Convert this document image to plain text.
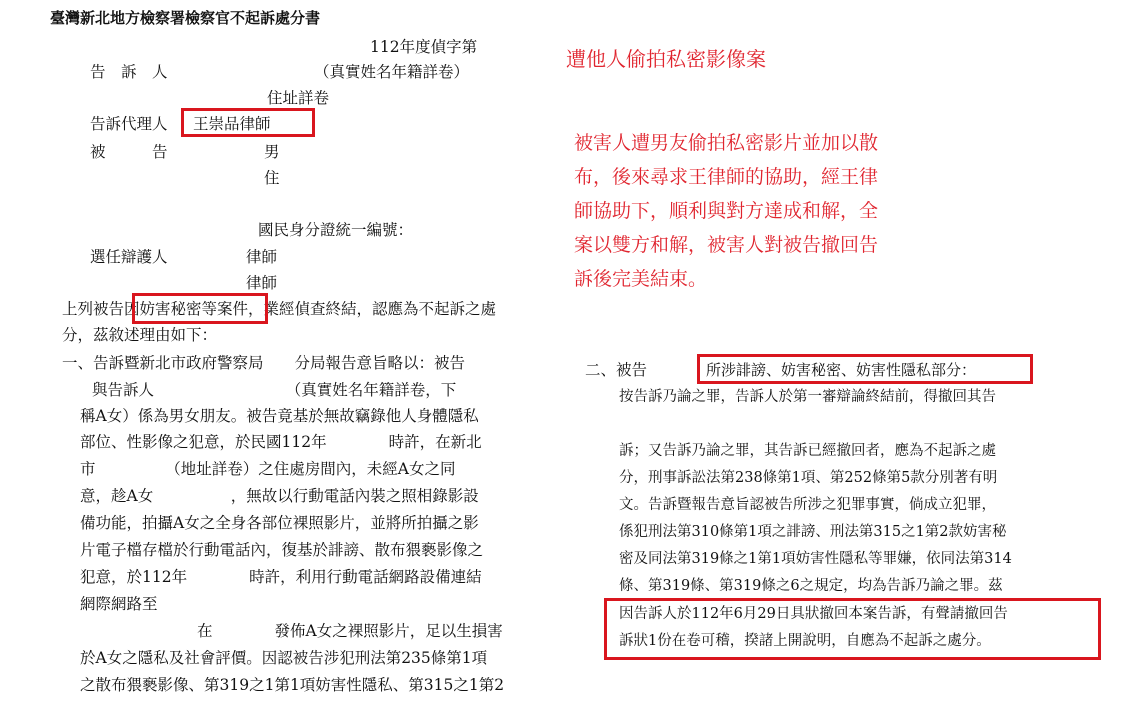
臺灣新北地方檢察署檢察官不起訴處分書
112年度偵字第
告　訴　人	（真實姓名年籍詳卷）
住址詳卷
告訴代理人 王崇品律師
被　　　告	男
住
國民身分證統一編號：
選任辯護人	律師
律師
上列被告因妨害秘密等案件，業經偵查終結，認應為不起訴之處
分，茲敘述理由如下：
一、告訴暨新北市政府警察局　　分局報告意旨略以：被告
與告訴人　　　　　　　　　（真實姓名年籍詳卷，下
稱A女）係為男女朋友。被告竟基於無故竊錄他人身體隱私
部位、性影像之犯意，於民國112年　　　　時許，在新北
市　　　　　（地址詳卷）之住處房間內，未經A女之同
意，趁A女　　　　　，無故以行動電話內裝之照相錄影設
備功能，拍攝A女之全身各部位裸照影片，並將所拍攝之影
片電子檔存檔於行動電話內，復基於誹謗、散布猥褻影像之
犯意，於112年　　　　時許，利用行動電話網路設備連結
網際網路至
在　　　　發佈A女之裸照影片，足以生損害
於A女之隱私及社會評價。因認被告涉犯刑法第235條第1項
之散布猥褻影像、第319之1第1項妨害性隱私、第315之1第2
遭他人偷拍私密影像案
被害人遭男友偷拍私密影片並加以散
布，後來尋求王律師的協助，經王律
師協助下，順利與對方達成和解，全
案以雙方和解，被害人對被告撤回告
訴後完美結束。
二、被告	所涉誹謗、妨害秘密、妨害性隱私部分：
按告訴乃論之罪，告訴人於第一審辯論終結前，得撤回其告
訴；又告訴乃論之罪，其告訴已經撤回者，應為不起訴之處
分，刑事訴訟法第238條第1項、第252條第5款分別著有明
文。告訴暨報告意旨認被告所涉之犯罪事實，倘成立犯罪，
係犯刑法第310條第1項之誹謗、刑法第315之1第2款妨害秘
密及同法第319條之1第1項妨害性隱私等罪嫌，依同法第314
條、第319條、第319條之6之規定，均為告訴乃論之罪。茲
因告訴人於112年6月29日具狀撤回本案告訴，有聲請撤回告
訴狀1份在卷可稽，揆諸上開說明，自應為不起訴之處分。
